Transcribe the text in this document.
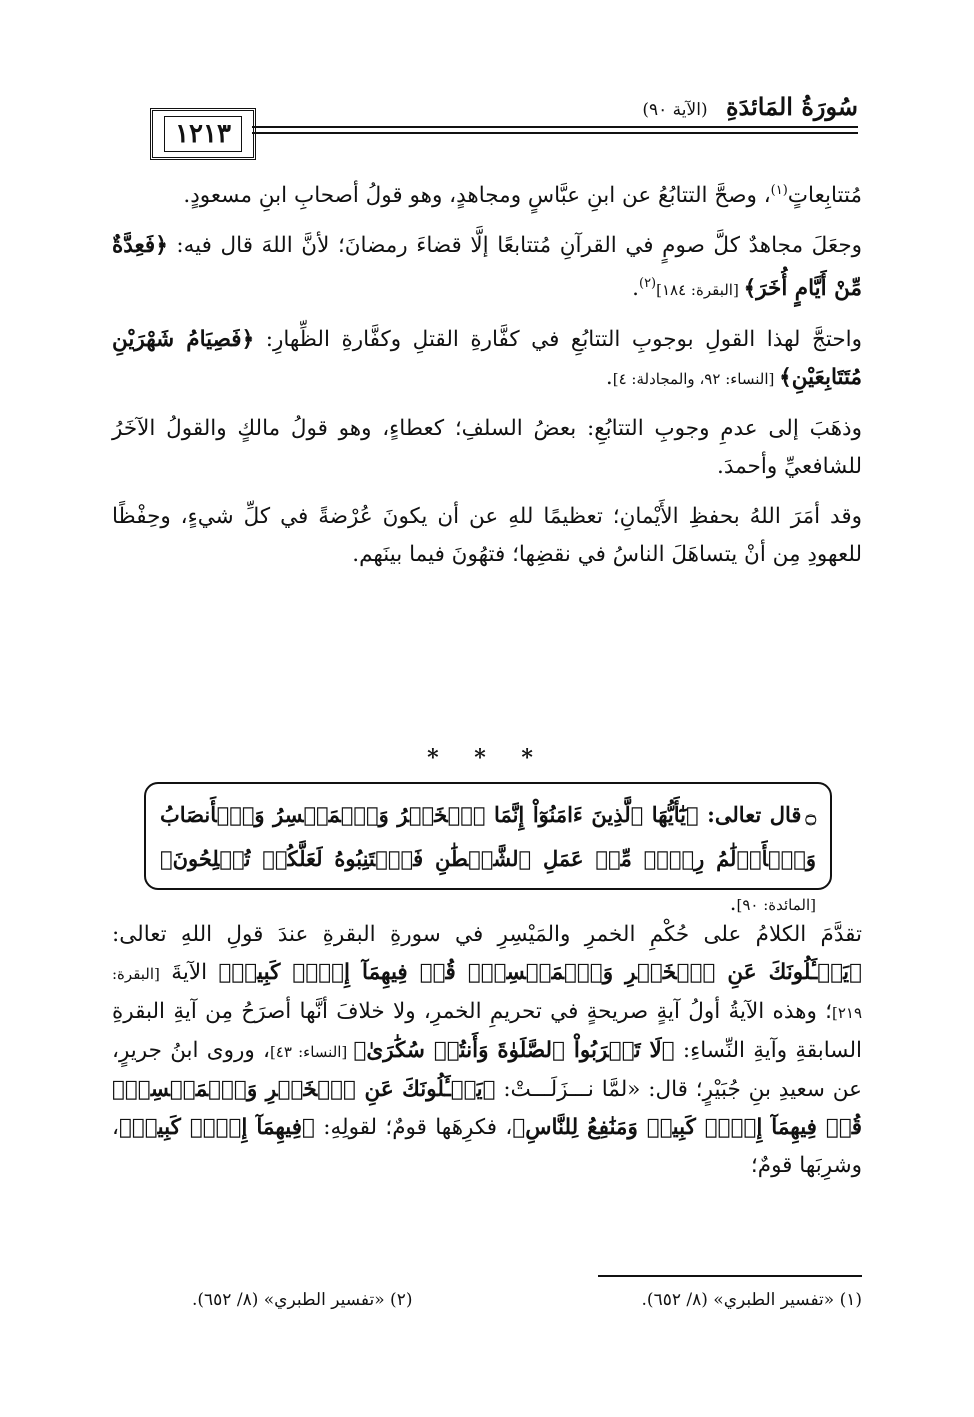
١٢١٣
سُورَةُ المَائدَةِ (الآية ٩٠)

مُتتابِعاتٍ$^{(١)}$، وصحَّ التتابُعُ عن ابنِ عبَّاسٍ ومجاهدٍ، وهو قولُ أصحابِ ابنِ مسعودٍ.

وجعَلَ مجاهدٌ كلَّ صومٍ في القرآنِ مُتتابعًا إلَّا قضاءَ رمضانَ؛ لأنَّ اللهَ قال فيه: ﴿فَعِدَّةٌ مِّنْ أَيَّامٍ أُخَرَ﴾ [البقرة: ١٨٤]$^{(٢)}$.

واحتجَّ لهذا القولِ بوجوبِ التتابُعِ في كفَّارةِ القتلِ وكفَّارةِ الظِّهارِ: ﴿فَصِيَامُ شَهْرَيْنِ مُتَتَابِعَيْنِ﴾ [النساء: ٩٢، والمجادلة: ٤].

وذهَبَ إلى عدمِ وجوبِ التتابُعِ: بعضُ السلفِ؛ كعطاءٍ، وهو قولُ مالكٍ والقولُ الآخَرُ للشافعيِّ وأحمدَ.

وقد أمَرَ اللهُ بحفظِ الأَيْمانِ؛ تعظيمًا للهِ عن أن يكونَ عُرْضةً في كلِّ شيءٍ، وحِفْظًا للعهودِ مِن أنْ يتساهَلَ الناسُ في نقضِها؛ فتهُونَ فيما بينَهم.

* * *

۝قال تعالى: ﴿يَٰٓأَيُّهَا ٱلَّذِينَ ءَامَنُوٓاْ إِنَّمَا ٱلۡخَمۡرُ وَٱلۡمَيۡسِرُ وَٱلۡأَنصَابُ وَٱلۡأَزۡلَٰمُ رِجۡسٞ مِّنۡ عَمَلِ ٱلشَّيۡطَٰنِ فَٱجۡتَنِبُوهُ لَعَلَّكُمۡ تُفۡلِحُونَ﴾ [المائدة: ٩٠].

تقدَّمَ الكلامُ على حُكْمِ الخمرِ والمَيْسِرِ في سورةِ البقرةِ عندَ قولِ اللهِ تعالى: ﴿يَسۡـَٔلُونَكَ عَنِ ٱلۡخَمۡرِ وَٱلۡمَيۡسِرِۖ قُلۡ فِيهِمَآ إِثۡمٞ كَبِيرٞ﴾ الآيةَ [البقرة: ٢١٩]؛ وهذه الآيةُ أولُ آيةٍ صريحةٍ في تحريمِ الخمرِ، ولا خلافَ أنَّها أصرَحُ مِن آيةِ البقرةِ السابقةِ وآيةِ النِّساءِ: ﴿لَا تَقۡرَبُواْ ٱلصَّلَوٰةَ وَأَنتُمۡ سُكَٰرَىٰ﴾ [النساء: ٤٣]، وروى ابنُ جريرٍ، عن سعيدِ بنِ جُبَيْرٍ؛ قال: «لمَّا نـــزَلَـــتْ: ﴿يَسۡـَٔلُونَكَ عَنِ ٱلۡخَمۡرِ وَٱلۡمَيۡسِرِۖ قُلۡ فِيهِمَآ إِثۡمٞ كَبِيرٞ وَمَنَٰفِعُ لِلنَّاسِ﴾، فكرِهَها قومٌ؛ لقولِهِ: ﴿فِيهِمَآ إِثۡمٞ كَبِيرٞ﴾، وشرِبَها قومٌ؛

(١) «تفسير الطبري» (٨/ ٦٥٢).
(٢) «تفسير الطبري» (٨/ ٦٥٢).
